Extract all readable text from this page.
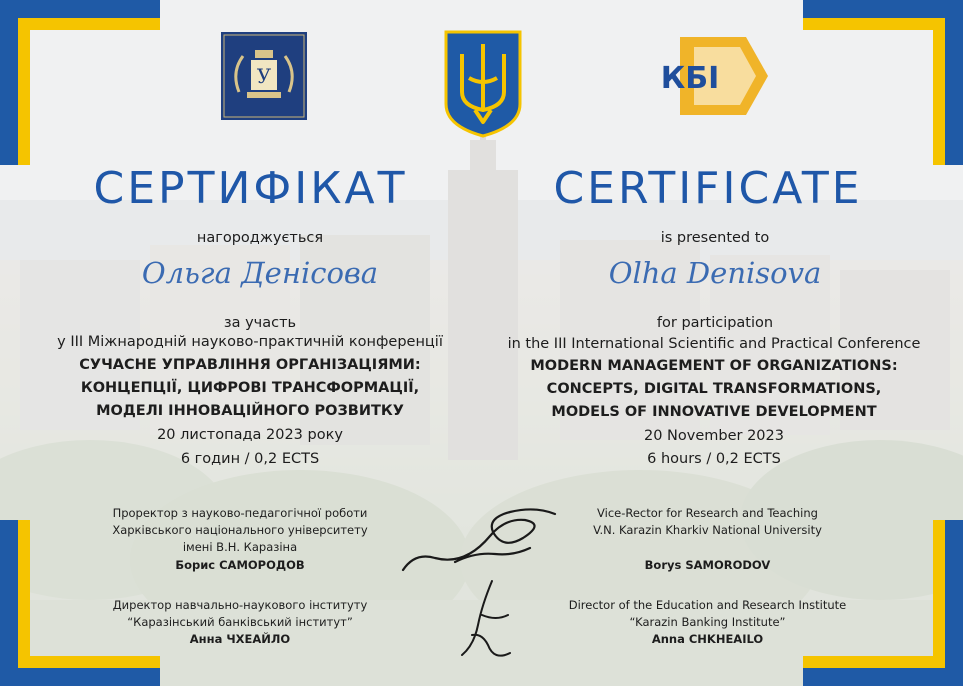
У	КБІ
СЕРТИФІКАТ	CERTIFICATE
нагороджується
Ольга Денісова
за участь
у ІІІ Міжнародній науково-практичній конференції
СУЧАСНЕ УПРАВЛІННЯ ОРГАНІЗАЦІЯМИ:
КОНЦЕПЦІЇ, ЦИФРОВІ ТРАНСФОРМАЦІЇ,
МОДЕЛІ ІННОВАЦІЙНОГО РОЗВИТКУ
20 листопада 2023 року
6 годин / 0,2 ECTS
is presented to
Olha Denisova
for participation
in the III International Scientific and Practical Conference
MODERN MANAGEMENT OF ORGANIZATIONS:
CONCEPTS, DIGITAL TRANSFORMATIONS,
MODELS OF INNOVATIVE DEVELOPMENT
20 November 2023
6 hours / 0,2 ECTS
Проректор з науково-педагогічної роботи
Харківського національного університету
імені В.Н. Каразіна
Борис САМОРОДОВ
Директор навчально-наукового інституту
“Каразінський банківський інститут”
Анна ЧХЕАЙЛО
Vice-Rector for Research and Teaching
V.N. Karazin Kharkiv National University
Borys SAMORODOV
Director of the Education and Research Institute
“Karazin Banking Institute”
Anna CHKHEAILO
